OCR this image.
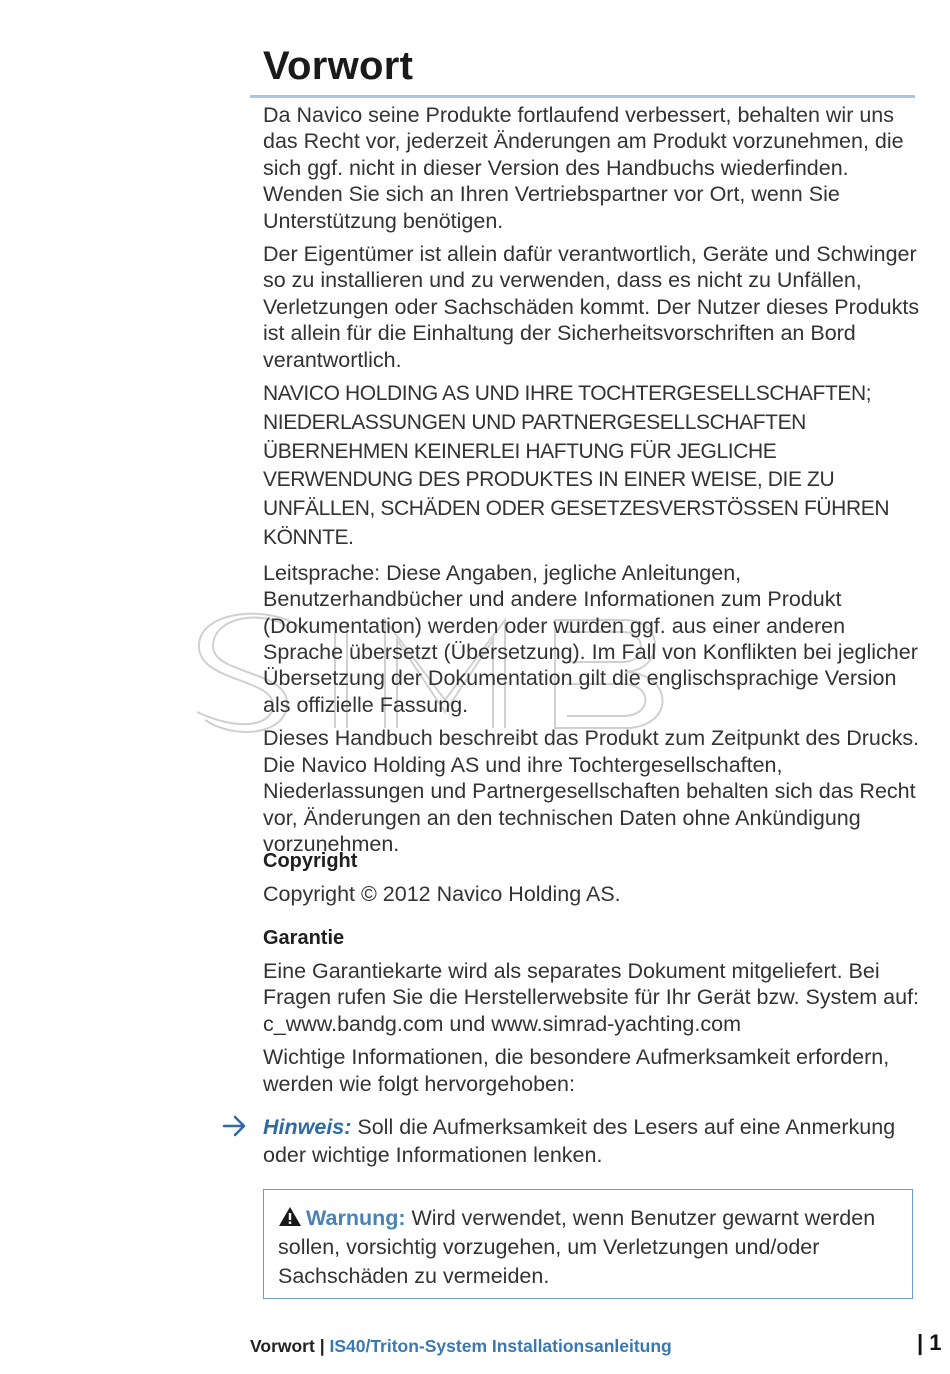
SIMB
Vorwort

Da Navico seine Produkte fortlaufend verbessert, behalten wir uns das Recht vor, jederzeit Änderungen am Produkt vorzunehmen, die sich ggf. nicht in dieser Version des Handbuchs wiederfinden. Wenden Sie sich an Ihren Vertriebspartner vor Ort, wenn Sie Unterstützung benötigen.

Der Eigentümer ist allein dafür verantwortlich, Geräte und Schwinger so zu installieren und zu verwenden, dass es nicht zu Unfällen, Verletzungen oder Sachschäden kommt. Der Nutzer dieses Produkts ist allein für die Einhaltung der Sicherheitsvorschriften an Bord verantwortlich.

NAVICO HOLDING AS UND IHRE TOCHTERGESELLSCHAFTEN; NIEDERLASSUNGEN UND PARTNERGESELLSCHAFTEN ÜBERNEHMEN KEINERLEI HAFTUNG FÜR JEGLICHE VERWENDUNG DES PRODUKTES IN EINER WEISE, DIE ZU UNFÄLLEN, SCHÄDEN ODER GESETZESVERSTÖSSEN FÜHREN KÖNNTE.

Leitsprache: Diese Angaben, jegliche Anleitungen, Benutzerhandbücher und andere Informationen zum Produkt (Dokumentation) werden oder wurden ggf. aus einer anderen Sprache übersetzt (Übersetzung). Im Fall von Konflikten bei jeglicher Übersetzung der Dokumentation gilt die englischsprachige Version als offizielle Fassung.

Dieses Handbuch beschreibt das Produkt zum Zeitpunkt des Drucks. Die Navico Holding AS und ihre Tochtergesellschaften, Niederlassungen und Partnergesellschaften behalten sich das Recht vor, Änderungen an den technischen Daten ohne Ankündigung vorzunehmen.

Copyright

Copyright © 2012 Navico Holding AS.

Garantie

Eine Garantiekarte wird als separates Dokument mitgeliefert. Bei Fragen rufen Sie die Herstellerwebsite für Ihr Gerät bzw. System auf: c_www.bandg.com und www.simrad-yachting.com

Wichtige Informationen, die besondere Aufmerksamkeit erfordern, werden wie folgt hervorgehoben:

Hinweis: Soll die Aufmerksamkeit des Lesers auf eine Anmerkung oder wichtige Informationen lenken.

Warnung: Wird verwendet, wenn Benutzer gewarnt werden sollen, vorsichtig vorzugehen, um Verletzungen und/oder Sachschäden zu vermeiden.

Vorwort | IS40/Triton-System Installationsanleitung	| 1
